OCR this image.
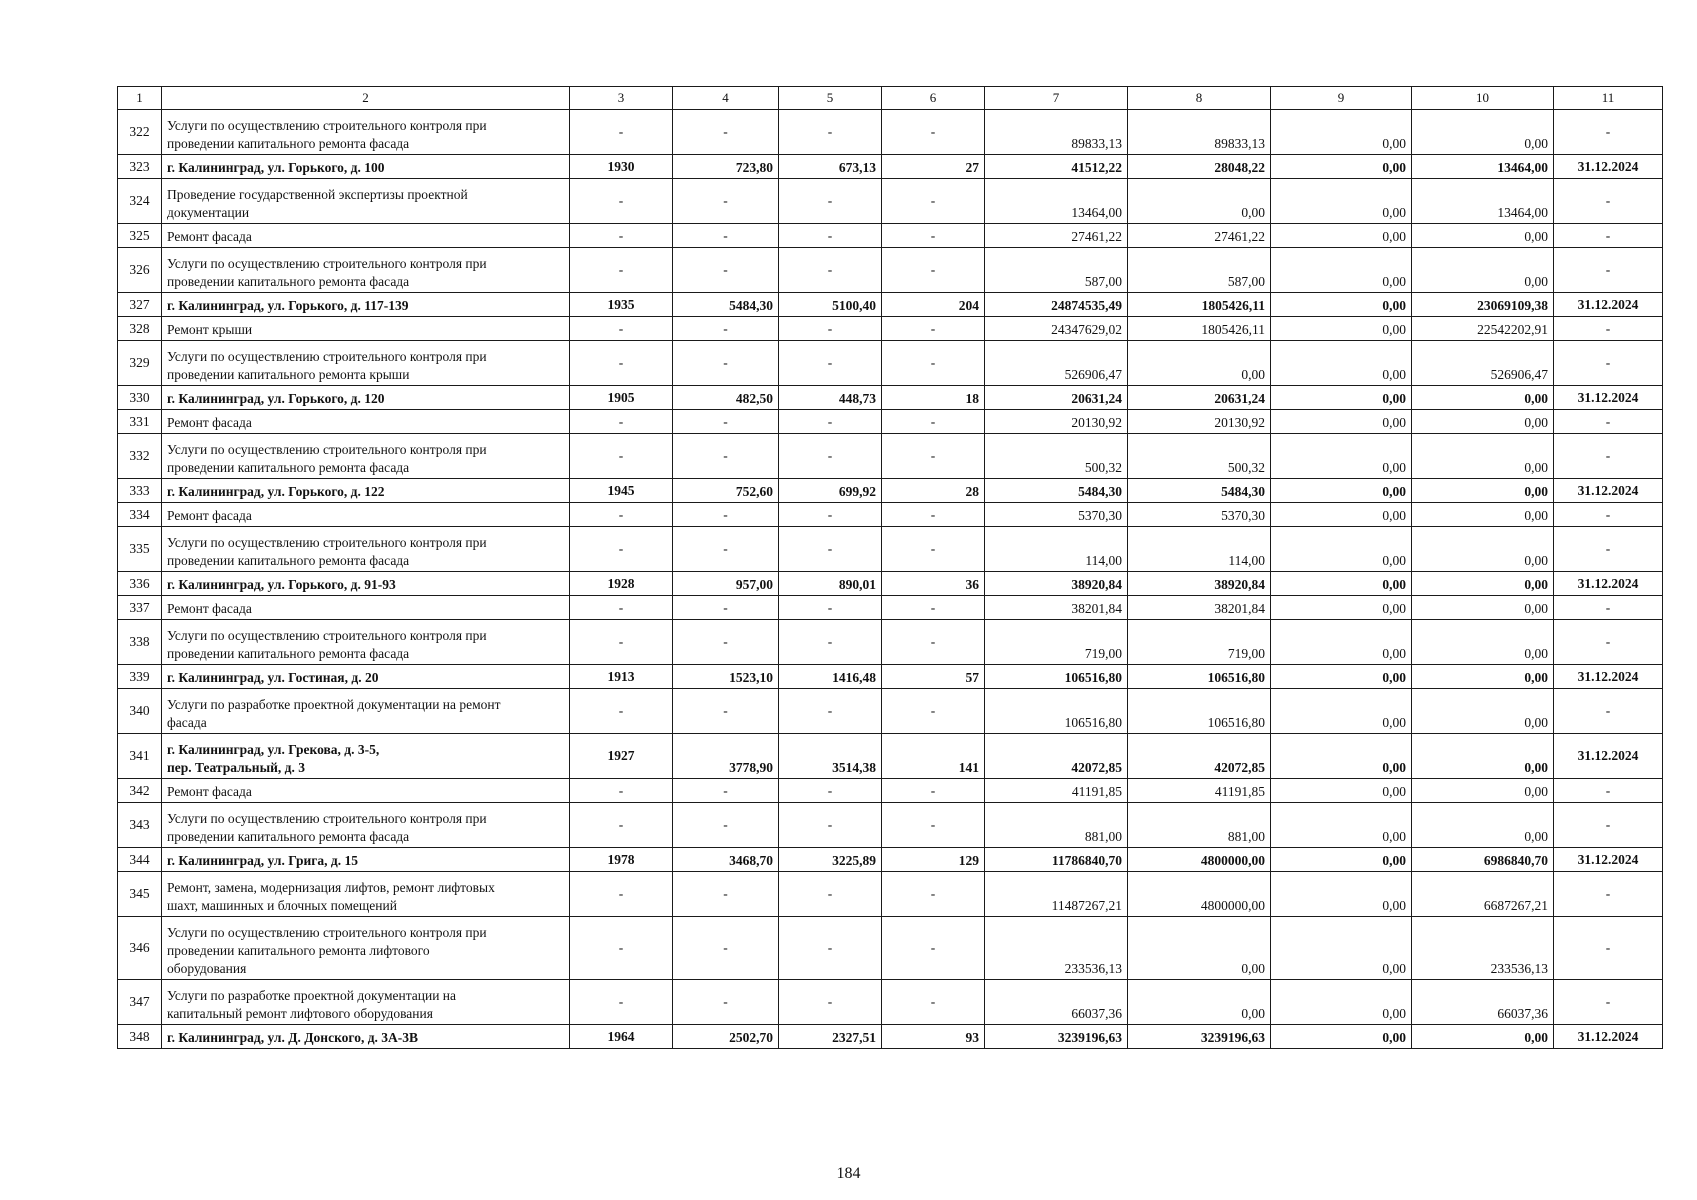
1	2	3	4	5	6	7	8	9	10	11
322	Услуги по осуществлению строительного контроля при
проведении капитального ремонта фасада	-	-	-	-	89833,13	89833,13	0,00	0,00	-
323	г. Калининград, ул. Горького, д. 100	1930	723,80	673,13	27	41512,22	28048,22	0,00	13464,00	31.12.2024
324	Проведение государственной экспертизы проектной
документации	-	-	-	-	13464,00	0,00	0,00	13464,00	-
325	Ремонт фасада	-	-	-	-	27461,22	27461,22	0,00	0,00	-
326	Услуги по осуществлению строительного контроля при
проведении капитального ремонта фасада	-	-	-	-	587,00	587,00	0,00	0,00	-
327	г. Калининград, ул. Горького, д. 117-139	1935	5484,30	5100,40	204	24874535,49	1805426,11	0,00	23069109,38	31.12.2024
328	Ремонт крыши	-	-	-	-	24347629,02	1805426,11	0,00	22542202,91	-
329	Услуги по осуществлению строительного контроля при
проведении капитального ремонта крыши	-	-	-	-	526906,47	0,00	0,00	526906,47	-
330	г. Калининград, ул. Горького, д. 120	1905	482,50	448,73	18	20631,24	20631,24	0,00	0,00	31.12.2024
331	Ремонт фасада	-	-	-	-	20130,92	20130,92	0,00	0,00	-
332	Услуги по осуществлению строительного контроля при
проведении капитального ремонта фасада	-	-	-	-	500,32	500,32	0,00	0,00	-
333	г. Калининград, ул. Горького, д. 122	1945	752,60	699,92	28	5484,30	5484,30	0,00	0,00	31.12.2024
334	Ремонт фасада	-	-	-	-	5370,30	5370,30	0,00	0,00	-
335	Услуги по осуществлению строительного контроля при
проведении капитального ремонта фасада	-	-	-	-	114,00	114,00	0,00	0,00	-
336	г. Калининград, ул. Горького, д. 91-93	1928	957,00	890,01	36	38920,84	38920,84	0,00	0,00	31.12.2024
337	Ремонт фасада	-	-	-	-	38201,84	38201,84	0,00	0,00	-
338	Услуги по осуществлению строительного контроля при
проведении капитального ремонта фасада	-	-	-	-	719,00	719,00	0,00	0,00	-
339	г. Калининград, ул. Гостиная, д. 20	1913	1523,10	1416,48	57	106516,80	106516,80	0,00	0,00	31.12.2024
340	Услуги по разработке проектной документации на ремонт
фасада	-	-	-	-	106516,80	106516,80	0,00	0,00	-
341	г. Калининград, ул. Грекова, д. 3-5,
пер. Театральный, д. 3	1927	3778,90	3514,38	141	42072,85	42072,85	0,00	0,00	31.12.2024
342	Ремонт фасада	-	-	-	-	41191,85	41191,85	0,00	0,00	-
343	Услуги по осуществлению строительного контроля при
проведении капитального ремонта фасада	-	-	-	-	881,00	881,00	0,00	0,00	-
344	г. Калининград, ул. Грига, д. 15	1978	3468,70	3225,89	129	11786840,70	4800000,00	0,00	6986840,70	31.12.2024
345	Ремонт, замена, модернизация лифтов, ремонт лифтовых
шахт, машинных и блочных помещений	-	-	-	-	11487267,21	4800000,00	0,00	6687267,21	-
346	Услуги по осуществлению строительного контроля при
проведении капитального ремонта лифтового
оборудования	-	-	-	-	233536,13	0,00	0,00	233536,13	-
347	Услуги по разработке проектной документации на
капитальный ремонт лифтового оборудования	-	-	-	-	66037,36	0,00	0,00	66037,36	-
348	г. Калининград, ул. Д. Донского, д. 3А-3В	1964	2502,70	2327,51	93	3239196,63	3239196,63	0,00	0,00	31.12.2024
184
